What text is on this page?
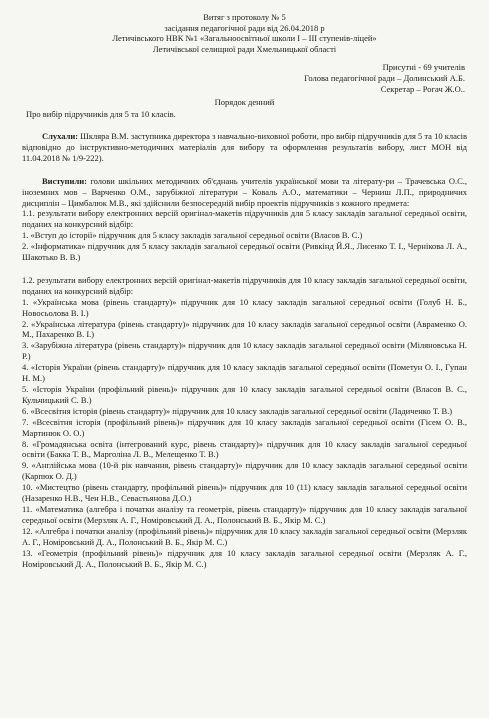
Витяг з протоколу № 5
засідання педагогічної ради від 26.04.2018 р
Летичівського НВК №1 «Загальноосвітньої школи І – ІІІ ступенів-ліцей»
Летичівської селищної ради Хмельницької області
Присутні - 69 учителів
Голова педагогічної ради – Долинський А.Б.
Секретар – Рогач Ж.О..
Порядок денний
Про вибір підручників для 5 та 10 класів.

Слухали: Шкляра В.М. заступника директора з навчально-виховної роботи, про вибір підручників для 5 та 10 класів відповідно до інструктивно-методичних матеріалів для вибору та оформлення результатів вибору, лист МОН від 11.04.2018 № 1/9-222).

Виступили: голови шкільних методичних об'єднань учителів української мови та літерату-ри – Трачевська О.С., іноземних мов – Варченко О.М., зарубіжної літератури – Коваль А.О., математики – Черниш Л.П., природничих дисциплін – Цимбалюк М.В., які здійснили безпосередній вибір проектів підручників з кожного предмета:

1.1. результати вибору електронних версій оригінал-макетів підручників для 5 класу закладів загальної середньої освіти, поданих на конкурсний відбір:

1. «Вступ до історії» підручник для 5 класу закладів загальної середньої освіти (Власов В. С.)

2. «Інформатика» підручник для 5 класу закладів загальної середньої освіти (Ривкінд Й.Я., Лисенко Т. І., Чернікова Л. А., Шакотько В. В.)

1.2. результати вибору електронних версій оригінал-макетів підручників для 10 класу закладів загальної середньої освіти, поданих на конкурсний відбір:

1. «Українська мова (рівень стандарту)» підручник для 10 класу закладів загальної середньої освіти (Голуб Н. Б., Новосьолова В. І.)

2. «Українська література (рівень стандарту)» підручник для 10 класу закладів загальної середньої освіти (Авраменко О. М., Пахаренко В. І.)

3. «Зарубіжна література (рівень стандарту)» підручник для 10 класу закладів загальної середньої освіти (Міляновська Н. Р.)

4. «Історія України (рівень стандарту)» підручник для 10 класу закладів загальної середньої освіти (Пометун О. І., Гупан Н. М.)

5. «Історія України (профільний рівень)» підручник для 10 класу закладів загальної середньої освіти (Власов В. С., Кульчицький С. В.)

6. «Всесвітня історія (рівень стандарту)» підручник для 10 класу закладів загальної середньої освіти (Ладиченко Т. В.)

7. «Всесвітня історія (профільний рівень)» підручник для 10 класу закладів загальної середньої освіти (Гісем О. В., Мартинюк О. О.)

8. «Громадянська освіта (інтегрований курс, рівень стандарту)» підручник для 10 класу закладів загальної середньої освіти (Бакка Т. В., Марголіна Л. В., Мелещенко Т. В.)

9. «Англійська мова (10-й рік навчання, рівень стандарту)» підручник для 10 класу закладів загальної середньої освіти (Карпюк О. Д.)

10. «Мистецтво (рівень стандарту, профільний рівень)» підручник для 10 (11) класу закладів загальної середньої освіти (Назаренко Н.В., Чен Н.В., Севастьянова Д.О.)

11. «Математика (алгебра і початки аналізу та геометрія, рівень стандарту)» підручник для 10 класу закладів загальної середньої освіти (Мерзляк А. Г., Номіровський Д. А., Полонський В. Б., Якір М. С.)

12. «Алгебра і початки аналізу (профільний рівень)» підручник для 10 класу закладів загальної середньої освіти (Мерзляк А. Г., Номіровський Д. А., Полонський В. Б., Якір М. С.)

13. «Геометрія (профільний рівень)» підручник для 10 класу закладів загальної середньої освіти (Мерзляк А. Г., Номіровський Д. А., Полонський В. Б., Якір М. С.)
